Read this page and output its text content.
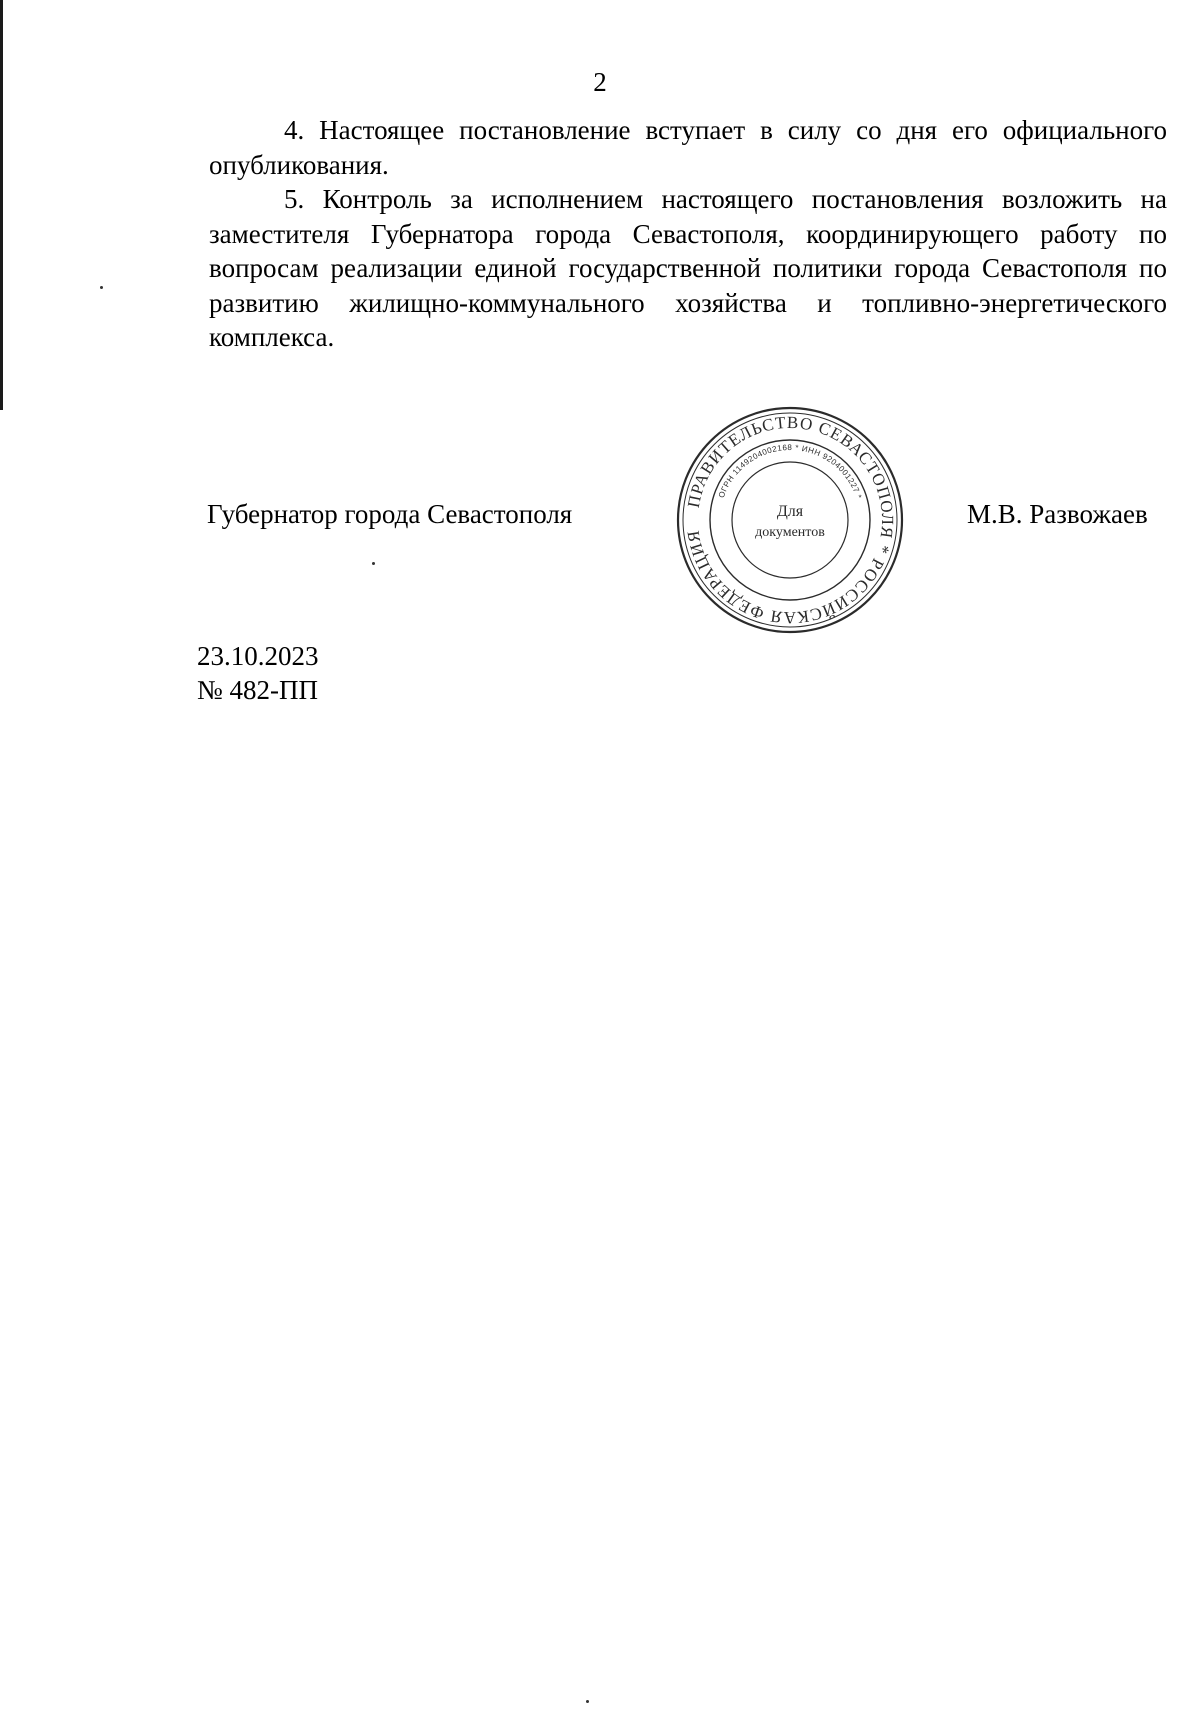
2

4. Настоящее постановление вступает в силу со дня его официального опубликования.

5. Контроль за исполнением настоящего постановления возложить на заместителя Губернатора города Севастополя, координирующего работу по вопросам реализации единой государственной политики города Севастополя по развитию жилищно-коммунального хозяйства и топливно-энергетического комплекса.

Губернатор города Севастополя	ПРАВИТЕЛЬСТВО СЕВАСТОПОЛЯ * РОССИЙСКАЯ ФЕДЕРАЦИЯ
ОГРН 1149204002168 * ИНН 9204001227 *
Для
документов
М.В. Развожаев
23.10.2023
№ 482-ПП
